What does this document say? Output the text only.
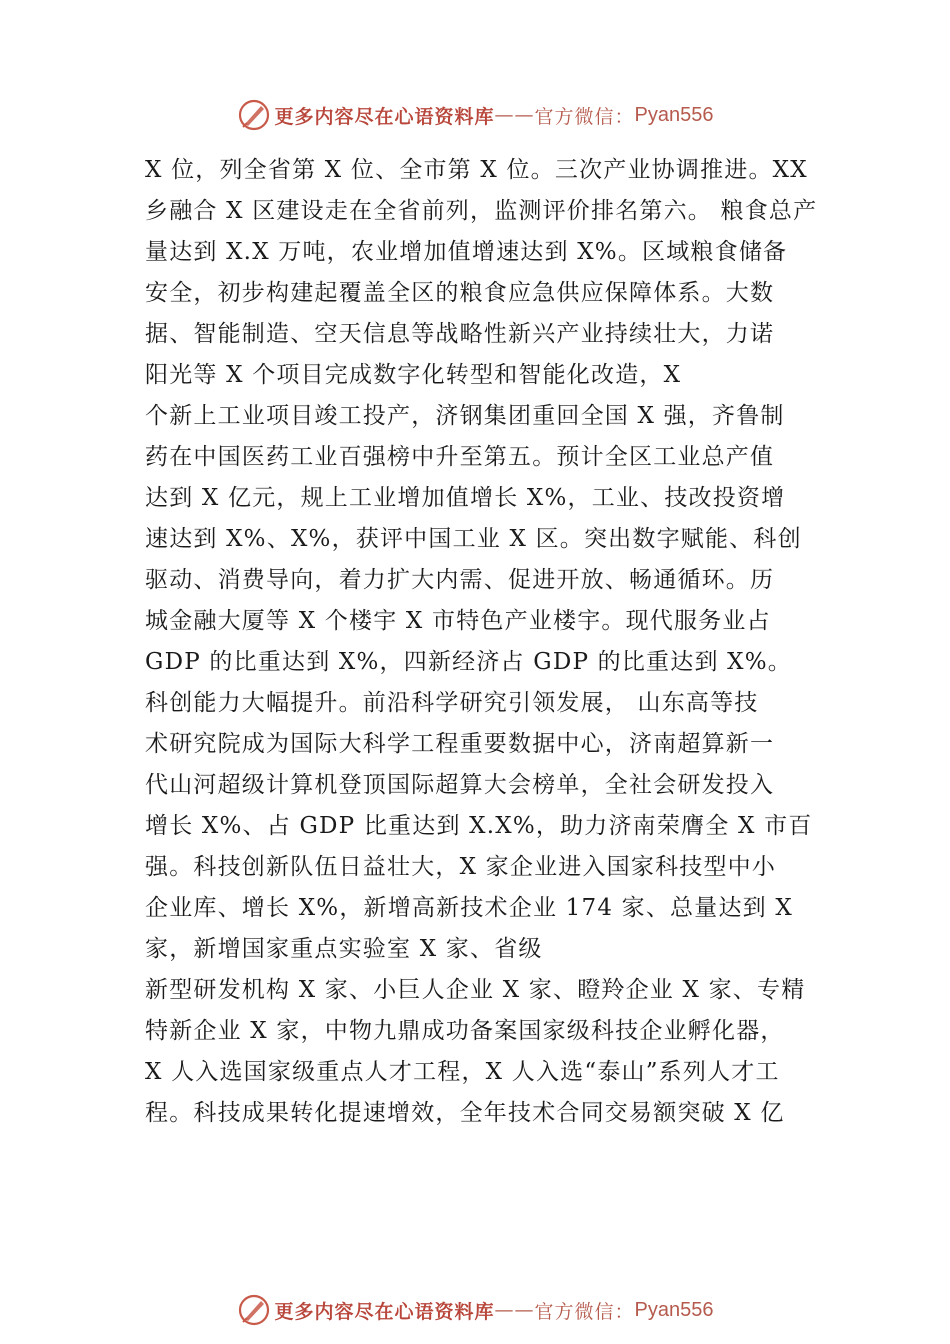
更多内容尽在心语资料库 —— 官方微信： Pyan556
X 位，列全省第 X 位、全市第 X 位。三次产业协调推进。XX
乡融合 X 区建设走在全省前列，监测评价排名第六。 粮食总产
量达到 X.X 万吨，农业增加值增速达到 X%。区域粮食储备
安全，初步构建起覆盖全区的粮食应急供应保障体系。大数
据、智能制造、空天信息等战略性新兴产业持续壮大，力诺
阳光等 X 个项目完成数字化转型和智能化改造，X
个新上工业项目竣工投产，济钢集团重回全国 X 强，齐鲁制
药在中国医药工业百强榜中升至第五。预计全区工业总产值
达到 X 亿元，规上工业增加值增长 X%，工业、技改投资增
速达到 X%、X%，获评中国工业 X 区。突出数字赋能、科创
驱动、消费导向，着力扩大内需、促进开放、畅通循环。历
城金融大厦等 X 个楼宇 X 市特色产业楼宇。现代服务业占
GDP 的比重达到 X%，四新经济占 GDP 的比重达到 X%。
科创能力大幅提升。前沿科学研究引领发展， 山东高等技
术研究院成为国际大科学工程重要数据中心，济南超算新一
代山河超级计算机登顶国际超算大会榜单，全社会研发投入
增长 X%、占 GDP 比重达到 X.X%，助力济南荣膺全 X 市百
强。科技创新队伍日益壮大，X 家企业进入国家科技型中小
企业库、增长 X%，新增高新技术企业 174 家、总量达到 X
家，新增国家重点实验室 X 家、省级
新型研发机构 X 家、小巨人企业 X 家、瞪羚企业 X 家、专精
特新企业 X 家，中物九鼎成功备案国家级科技企业孵化器，
X 人入选国家级重点人才工程，X 人入选“泰山”系列人才工
程。科技成果转化提速增效，全年技术合同交易额突破 X 亿
更多内容尽在心语资料库 —— 官方微信： Pyan556
